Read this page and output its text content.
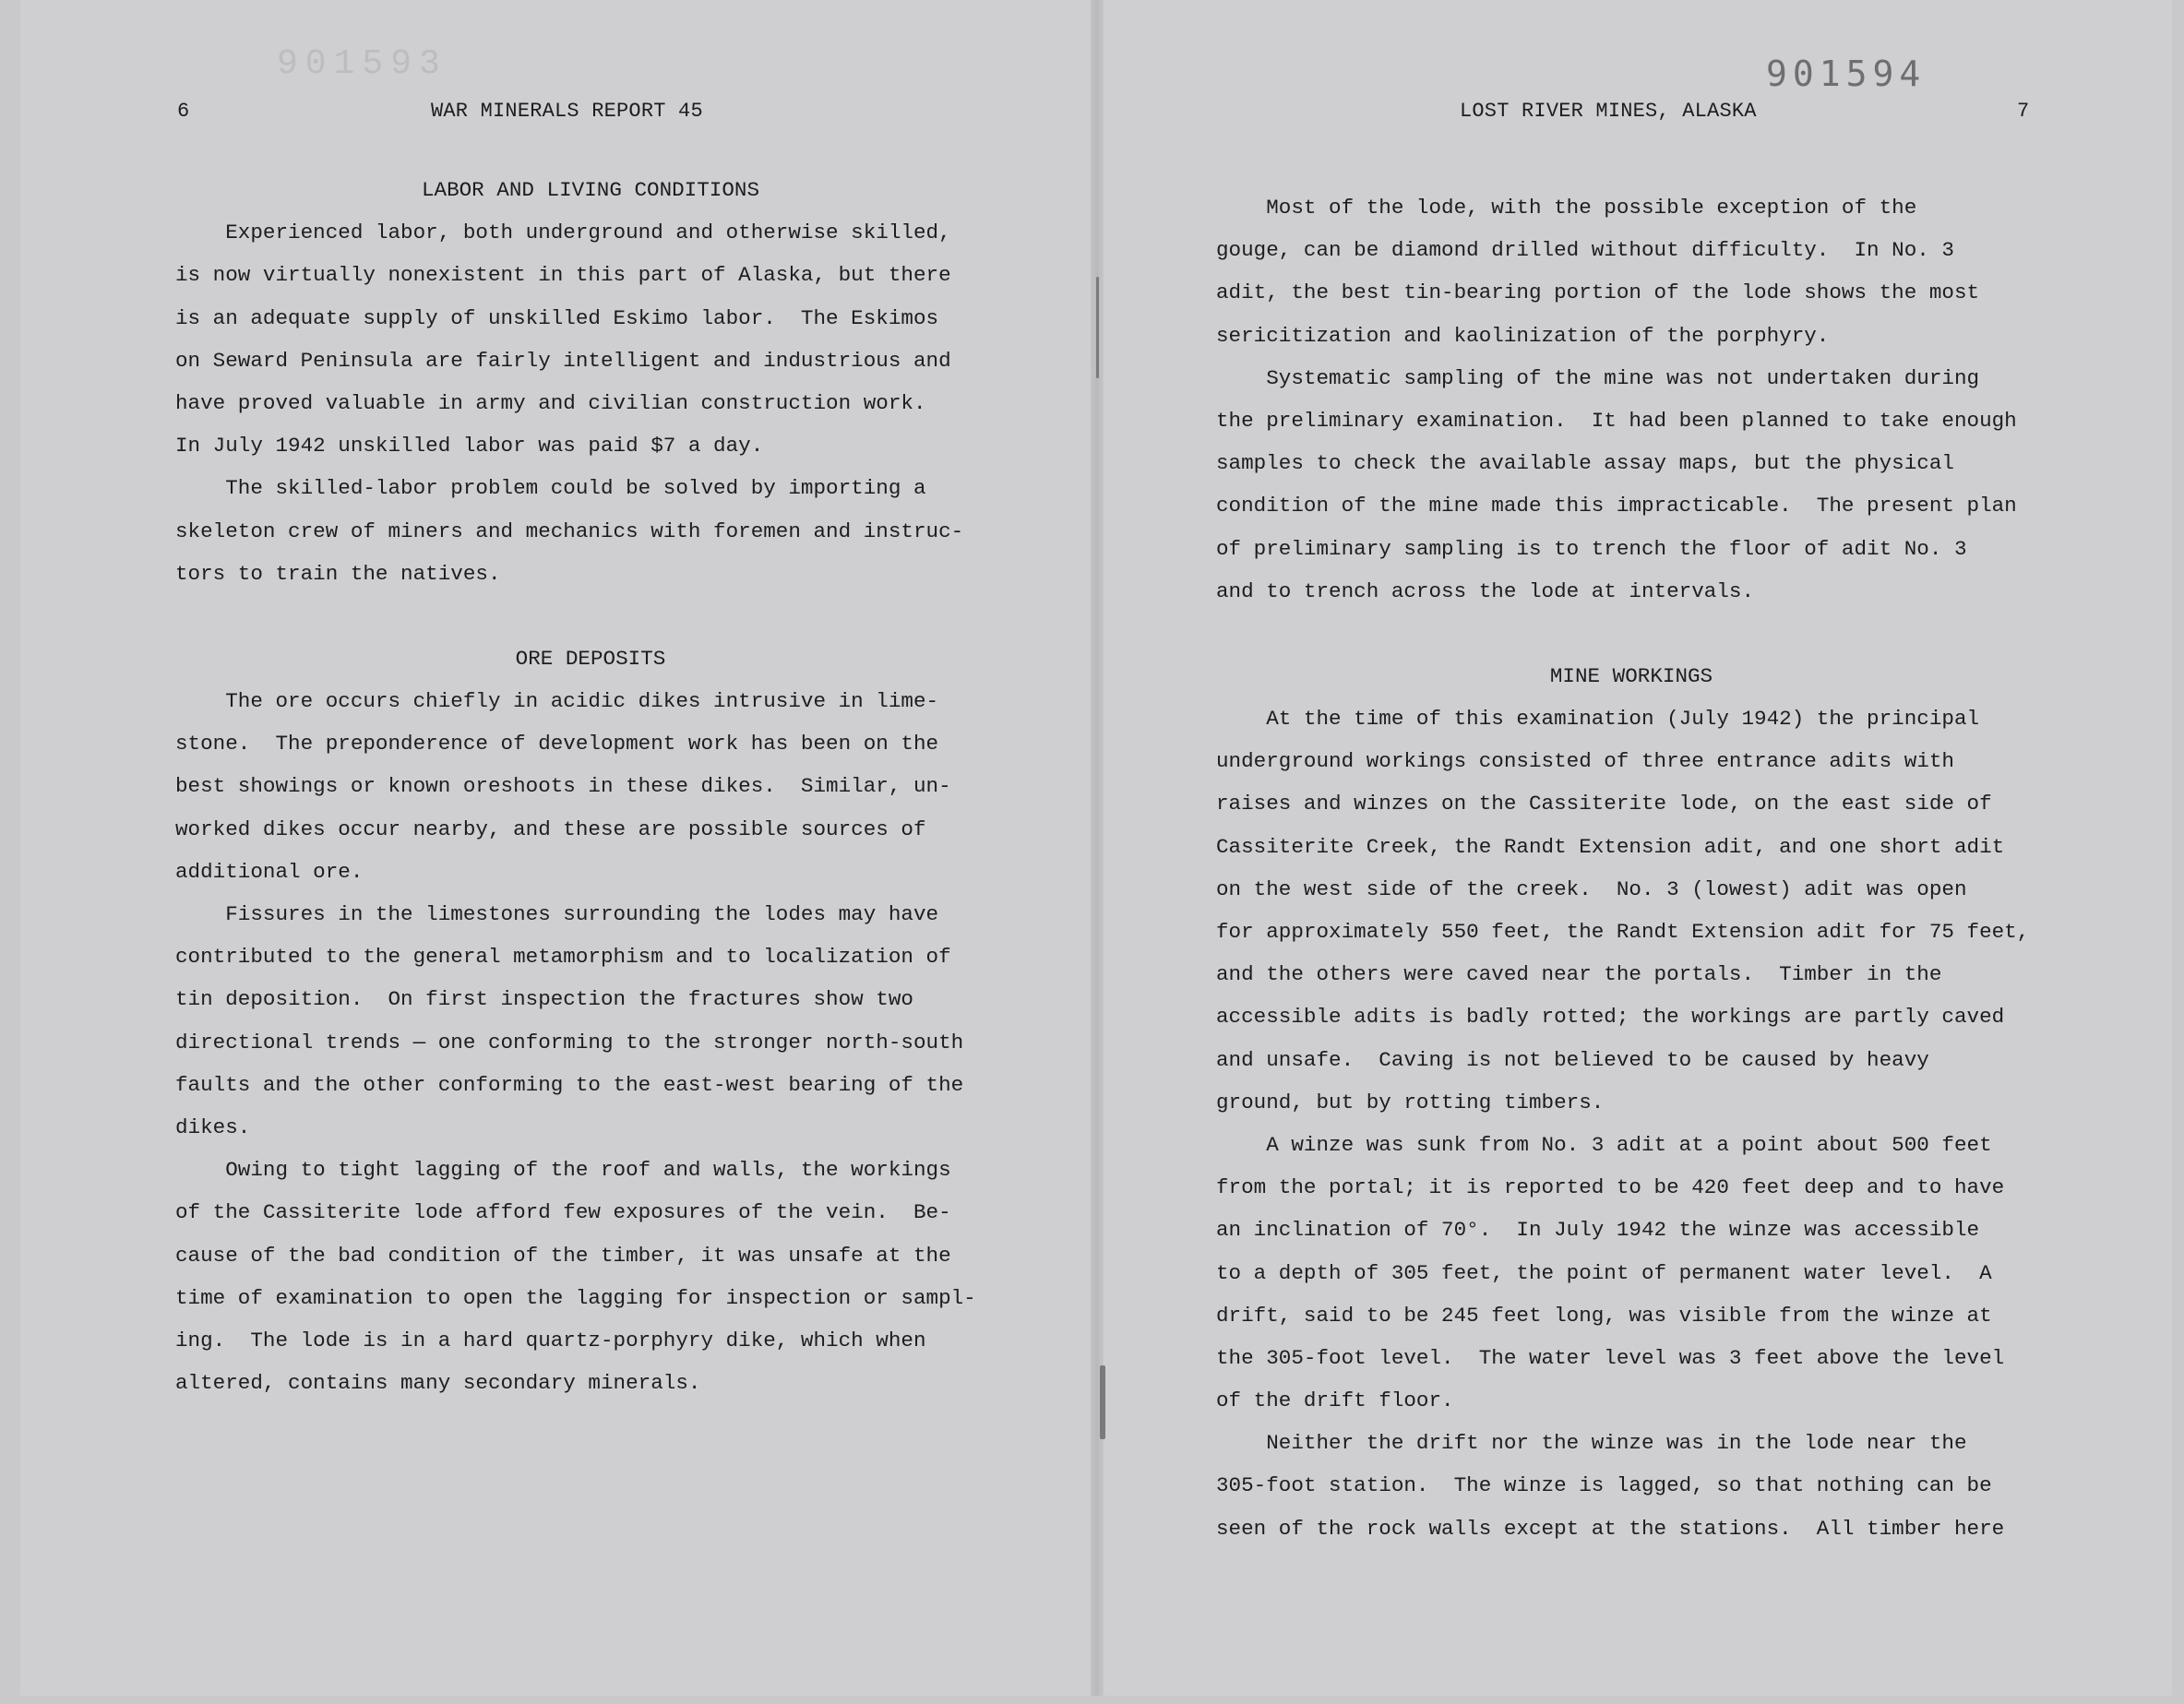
901593
6	WAR MINERALS REPORT 45
901594
LOST RIVER MINES, ALASKA	7
LABOR AND LIVING CONDITIONS
Experienced labor, both underground and otherwise skilled,
is now virtually nonexistent in this part of Alaska, but there
is an adequate supply of unskilled Eskimo labor.  The Eskimos
on Seward Peninsula are fairly intelligent and industrious and
have proved valuable in army and civilian construction work.
In July 1942 unskilled labor was paid $7 a day.
The skilled-labor problem could be solved by importing a
skeleton crew of miners and mechanics with foremen and instruc-
tors to train the natives.
ORE DEPOSITS
The ore occurs chiefly in acidic dikes intrusive in lime-
stone.  The preponderence of development work has been on the
best showings or known oreshoots in these dikes.  Similar, un-
worked dikes occur nearby, and these are possible sources of
additional ore.
Fissures in the limestones surrounding the lodes may have
contributed to the general metamorphism and to localization of
tin deposition.  On first inspection the fractures show two
directional trends — one conforming to the stronger north-south
faults and the other conforming to the east-west bearing of the
dikes.
Owing to tight lagging of the roof and walls, the workings
of the Cassiterite lode afford few exposures of the vein.  Be-
cause of the bad condition of the timber, it was unsafe at the
time of examination to open the lagging for inspection or sampl-
ing.  The lode is in a hard quartz-porphyry dike, which when
altered, contains many secondary minerals.
Most of the lode, with the possible exception of the
gouge, can be diamond drilled without difficulty.  In No. 3
adit, the best tin-bearing portion of the lode shows the most
sericitization and kaolinization of the porphyry.
Systematic sampling of the mine was not undertaken during
the preliminary examination.  It had been planned to take enough
samples to check the available assay maps, but the physical
condition of the mine made this impracticable.  The present plan
of preliminary sampling is to trench the floor of adit No. 3
and to trench across the lode at intervals.
MINE WORKINGS
At the time of this examination (July 1942) the principal
underground workings consisted of three entrance adits with
raises and winzes on the Cassiterite lode, on the east side of
Cassiterite Creek, the Randt Extension adit, and one short adit
on the west side of the creek.  No. 3 (lowest) adit was open
for approximately 550 feet, the Randt Extension adit for 75 feet,
and the others were caved near the portals.  Timber in the
accessible adits is badly rotted; the workings are partly caved
and unsafe.  Caving is not believed to be caused by heavy
ground, but by rotting timbers.
A winze was sunk from No. 3 adit at a point about 500 feet
from the portal; it is reported to be 420 feet deep and to have
an inclination of 70°.  In July 1942 the winze was accessible
to a depth of 305 feet, the point of permanent water level.  A
drift, said to be 245 feet long, was visible from the winze at
the 305-foot level.  The water level was 3 feet above the level
of the drift floor.
Neither the drift nor the winze was in the lode near the
305-foot station.  The winze is lagged, so that nothing can be
seen of the rock walls except at the stations.  All timber here
